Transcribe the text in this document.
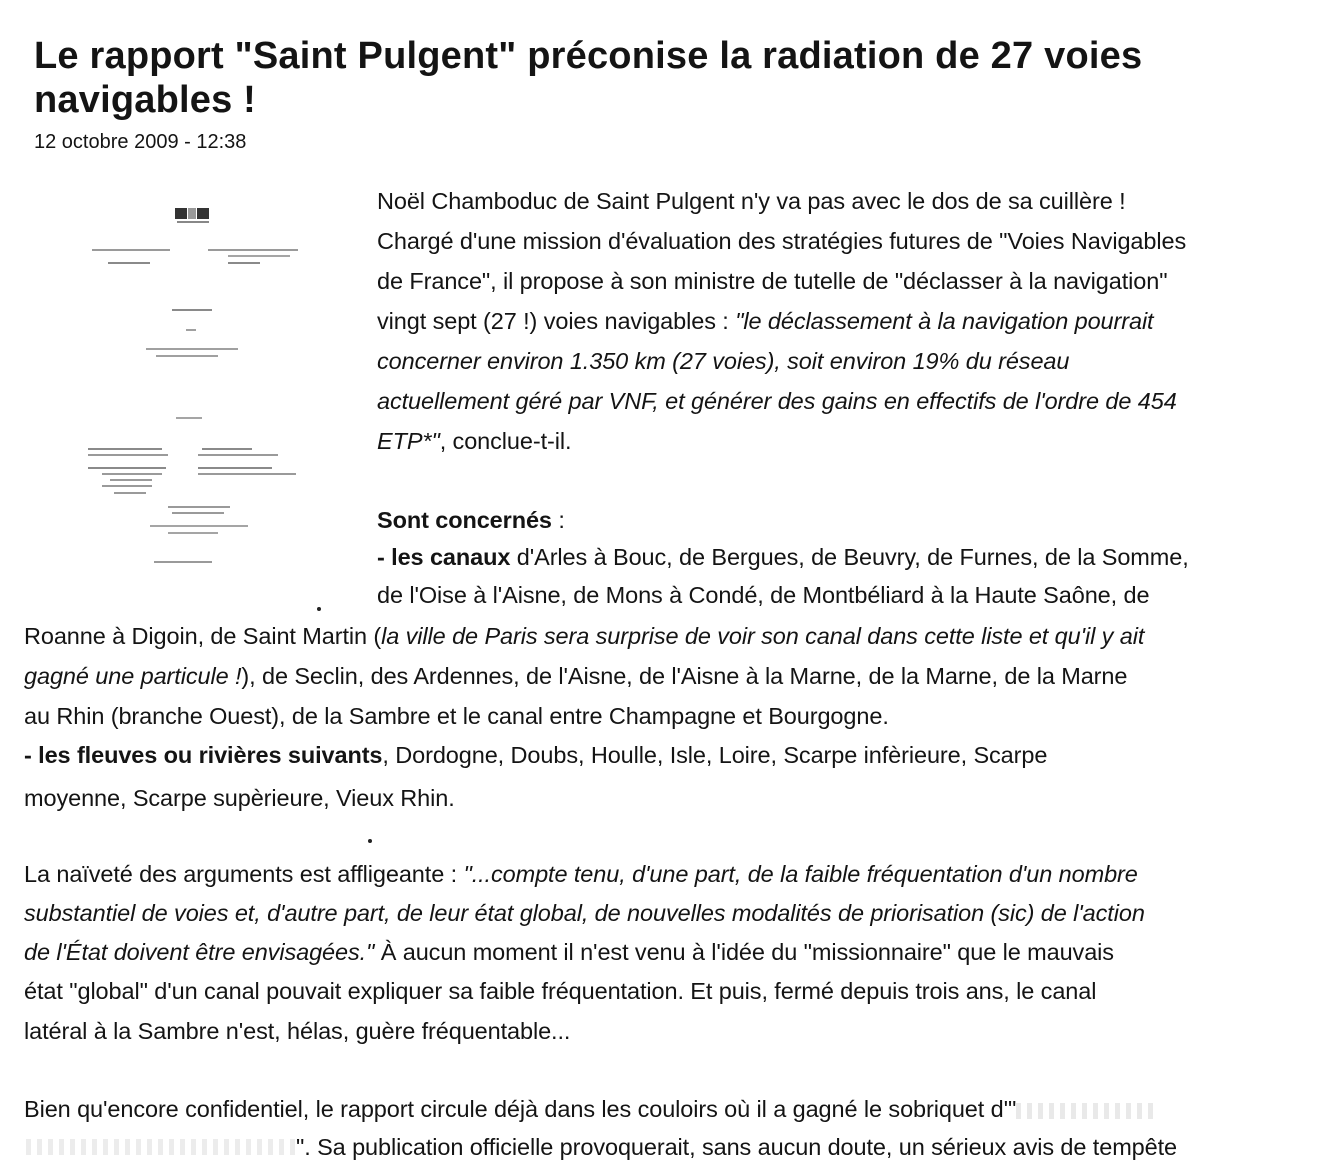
Le rapport "Saint Pulgent" préconise la radiation de 27 voies navigables !
12 octobre 2009 - 12:38
Noël Chamboduc de Saint Pulgent n'y va pas avec le dos de sa cuillère !
Chargé d'une mission d'évaluation des stratégies futures de "Voies Navigables
de France", il propose à son ministre de tutelle de "déclasser à la navigation"
vingt sept (27 !) voies navigables : "le déclassement à la navigation pourrait
concerner environ 1.350 km (27 voies), soit environ 19% du réseau
actuellement géré par VNF, et générer des gains en effectifs de l'ordre de 454
ETP*", conclue-t-il.
Sont concernés :
- les canaux d'Arles à Bouc, de Bergues, de Beuvry, de Furnes, de la Somme,
de l'Oise à l'Aisne, de Mons à Condé, de Montbéliard à la Haute Saône, de
Roanne à Digoin, de Saint Martin (la ville de Paris sera surprise de voir son canal dans cette liste et qu'il y ait
gagné une particule !), de Seclin, des Ardennes, de l'Aisne, de l'Aisne à la Marne, de la Marne, de la Marne
au Rhin (branche Ouest), de la Sambre et le canal entre Champagne et Bourgogne.
- les fleuves ou rivières suivants, Dordogne, Doubs, Houlle, Isle, Loire, Scarpe infèrieure, Scarpe
moyenne, Scarpe supèrieure, Vieux Rhin.
La naïveté des arguments est affligeante : "...compte tenu, d'une part, de la faible fréquentation d'un nombre
substantiel de voies et, d'autre part, de leur état global, de nouvelles modalités de priorisation (sic) de l'action
de l'État doivent être envisagées." À aucun moment il n'est venu à l'idée du "missionnaire" que le mauvais
état "global" d'un canal pouvait expliquer sa faible fréquentation. Et puis, fermé depuis trois ans, le canal
latéral à la Sambre n'est, hélas, guère fréquentable...
Bien qu'encore confidentiel, le rapport circule déjà dans les couloirs où il a gagné le sobriquet d'"
". Sa publication officielle provoquerait, sans aucun doute, un sérieux avis de tempête
